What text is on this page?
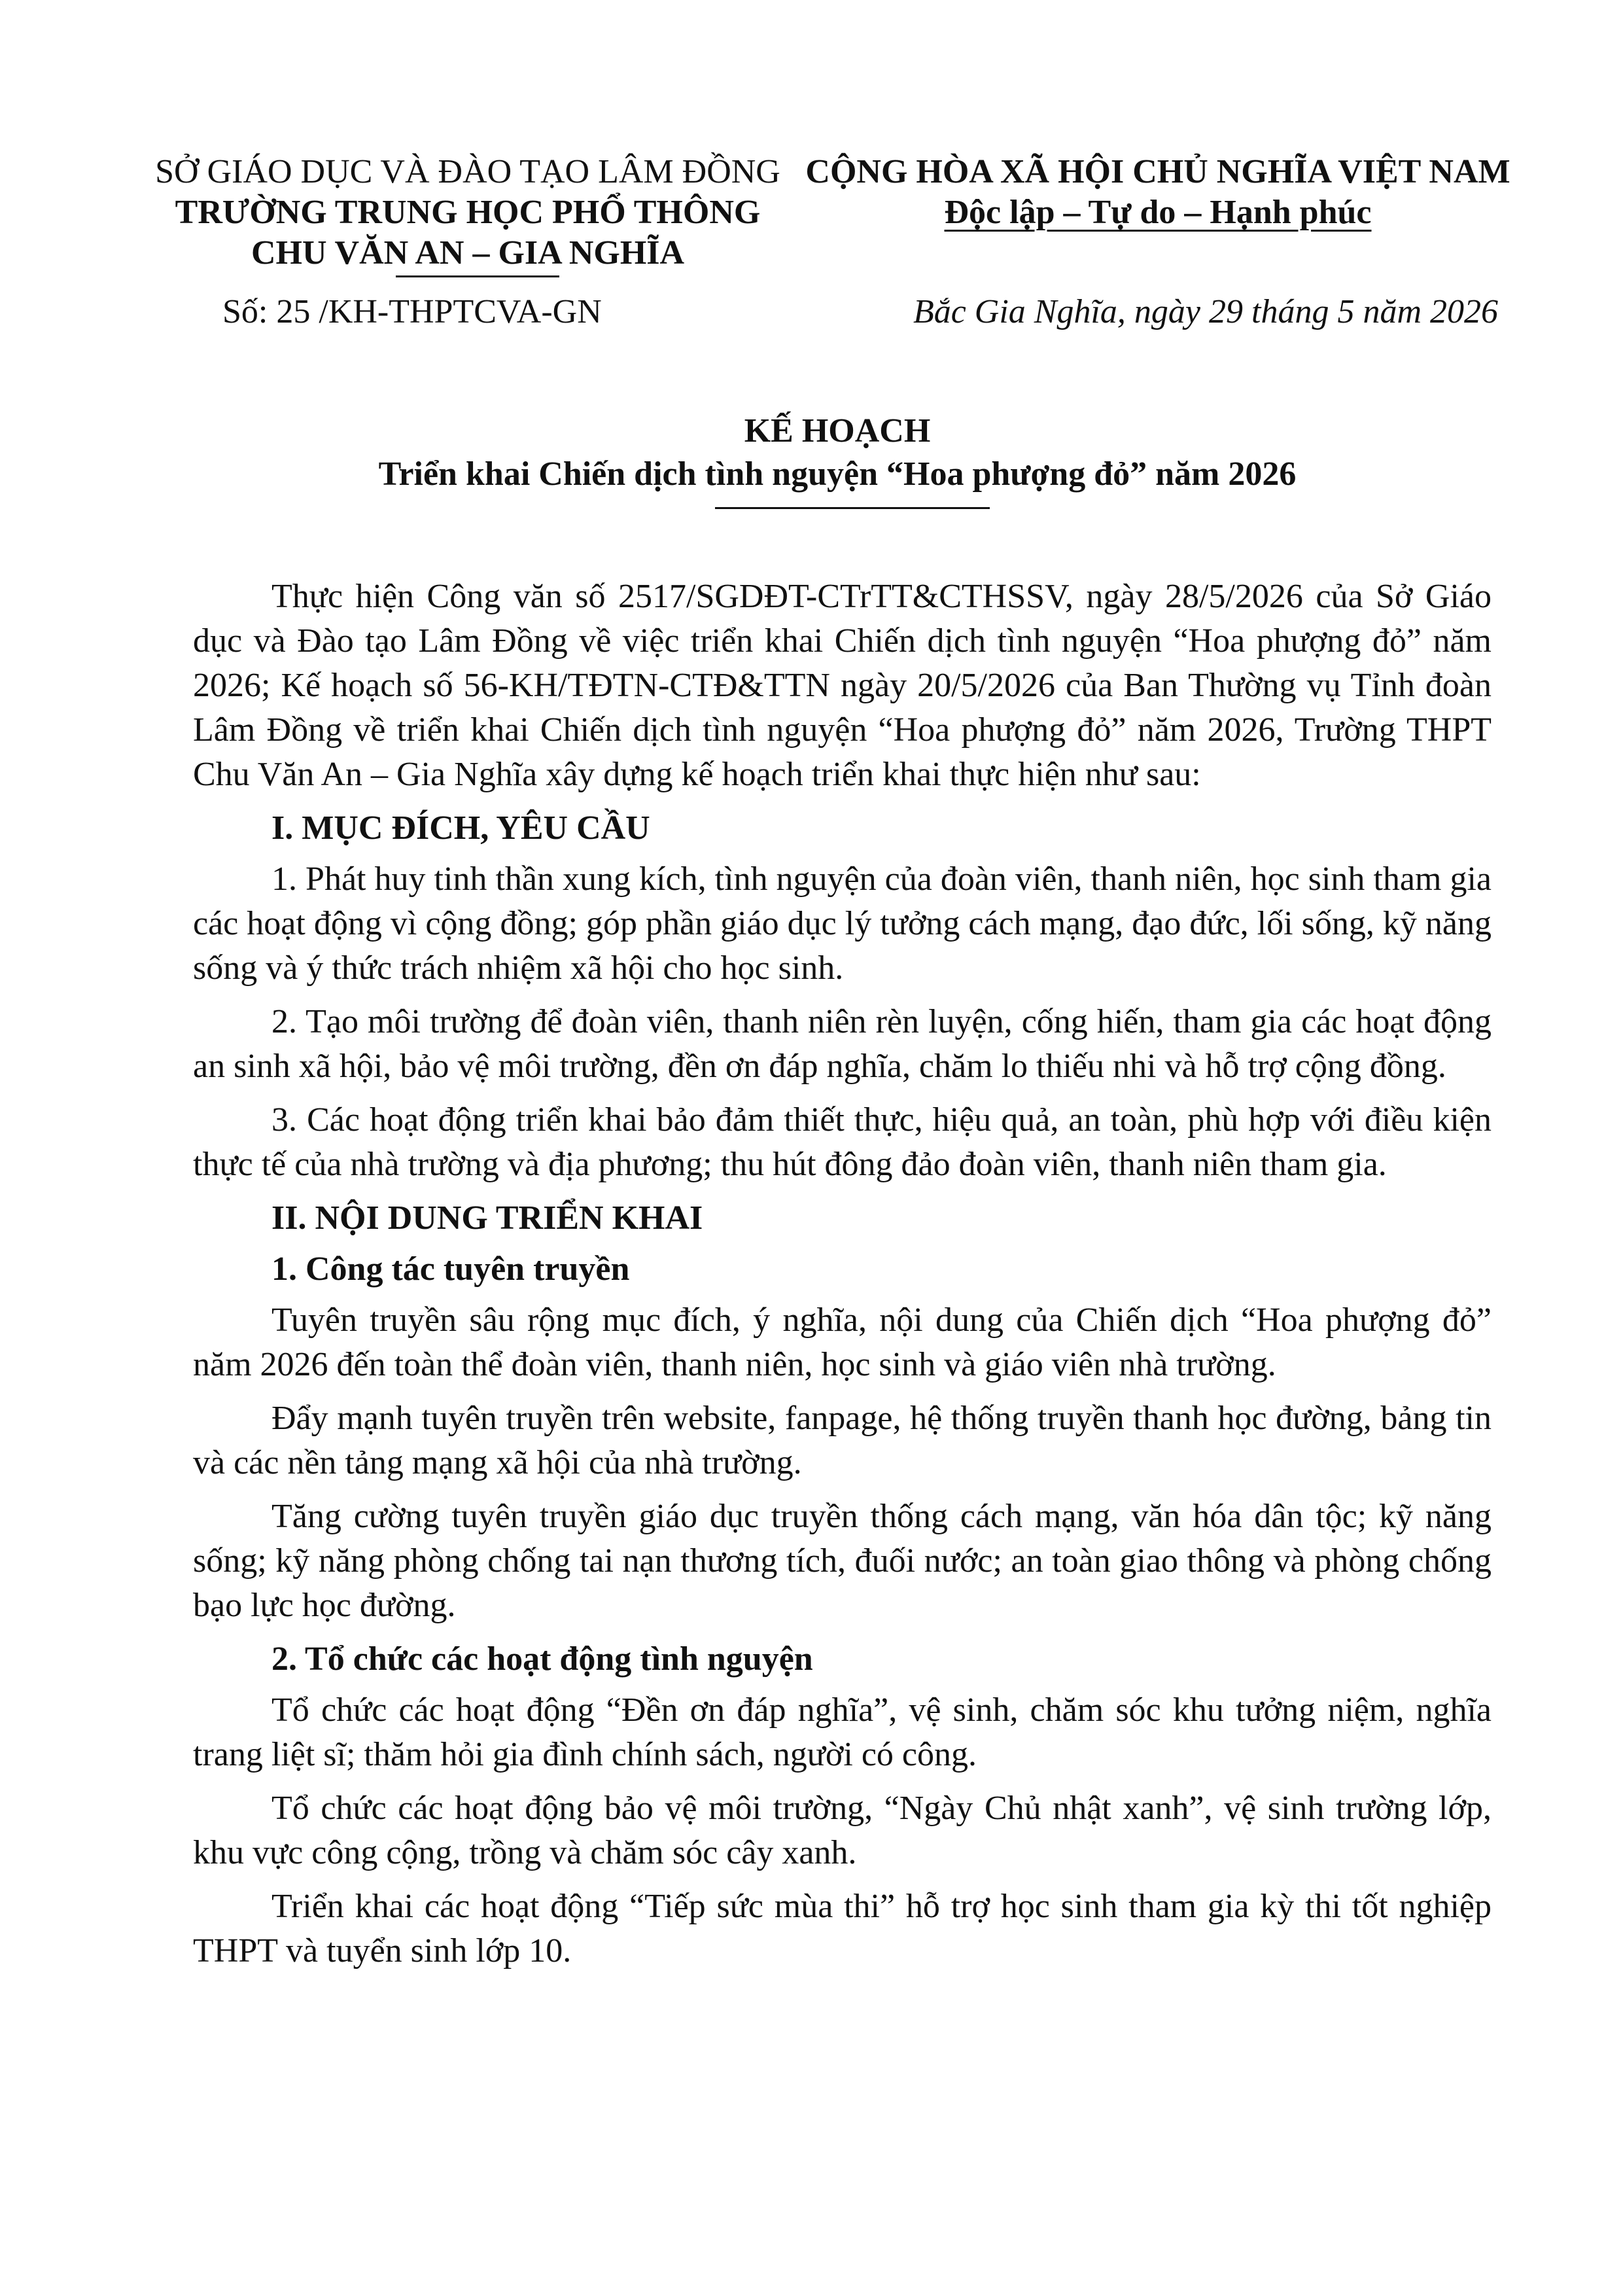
SỞ GIÁO DỤC VÀ ĐÀO TẠO LÂM ĐỒNG
TRƯỜNG TRUNG HỌC PHỔ THÔNG
CHU VĂN AN – GIA NGHĨA
CỘNG HÒA XÃ HỘI CHỦ NGHĨA VIỆT NAM
Độc lập – Tự do – Hạnh phúc
Số: 25 /KH-THPTCVA-GN	Bắc Gia Nghĩa, ngày 29 tháng 5 năm 2026
KẾ HOẠCH
Triển khai Chiến dịch tình nguyện “Hoa phượng đỏ” năm 2026

Thực hiện Công văn số 2517/SGDĐT-CTrTT&CTHSSV, ngày 28/5/2026 của Sở Giáo dục và Đào tạo Lâm Đồng về việc triển khai Chiến dịch tình nguyện “Hoa phượng đỏ” năm 2026; Kế hoạch số 56-KH/TĐTN-CTĐ&TTN ngày 20/5/2026 của Ban Thường vụ Tỉnh đoàn Lâm Đồng về triển khai Chiến dịch tình nguyện “Hoa phượng đỏ” năm 2026, Trường THPT Chu Văn An – Gia Nghĩa xây dựng kế hoạch triển khai thực hiện như sau:

I. MỤC ĐÍCH, YÊU CẦU

1. Phát huy tinh thần xung kích, tình nguyện của đoàn viên, thanh niên, học sinh tham gia các hoạt động vì cộng đồng; góp phần giáo dục lý tưởng cách mạng, đạo đức, lối sống, kỹ năng sống và ý thức trách nhiệm xã hội cho học sinh.

2. Tạo môi trường để đoàn viên, thanh niên rèn luyện, cống hiến, tham gia các hoạt động an sinh xã hội, bảo vệ môi trường, đền ơn đáp nghĩa, chăm lo thiếu nhi và hỗ trợ cộng đồng.

3. Các hoạt động triển khai bảo đảm thiết thực, hiệu quả, an toàn, phù hợp với điều kiện thực tế của nhà trường và địa phương; thu hút đông đảo đoàn viên, thanh niên tham gia.

II. NỘI DUNG TRIỂN KHAI
1. Công tác tuyên truyền

Tuyên truyền sâu rộng mục đích, ý nghĩa, nội dung của Chiến dịch “Hoa phượng đỏ” năm 2026 đến toàn thể đoàn viên, thanh niên, học sinh và giáo viên nhà trường.

Đẩy mạnh tuyên truyền trên website, fanpage, hệ thống truyền thanh học đường, bảng tin và các nền tảng mạng xã hội của nhà trường.

Tăng cường tuyên truyền giáo dục truyền thống cách mạng, văn hóa dân tộc; kỹ năng sống; kỹ năng phòng chống tai nạn thương tích, đuối nước; an toàn giao thông và phòng chống bạo lực học đường.

2. Tổ chức các hoạt động tình nguyện

Tổ chức các hoạt động “Đền ơn đáp nghĩa”, vệ sinh, chăm sóc khu tưởng niệm, nghĩa trang liệt sĩ; thăm hỏi gia đình chính sách, người có công.

Tổ chức các hoạt động bảo vệ môi trường, “Ngày Chủ nhật xanh”, vệ sinh trường lớp, khu vực công cộng, trồng và chăm sóc cây xanh.

Triển khai các hoạt động “Tiếp sức mùa thi” hỗ trợ học sinh tham gia kỳ thi tốt nghiệp THPT và tuyển sinh lớp 10.
